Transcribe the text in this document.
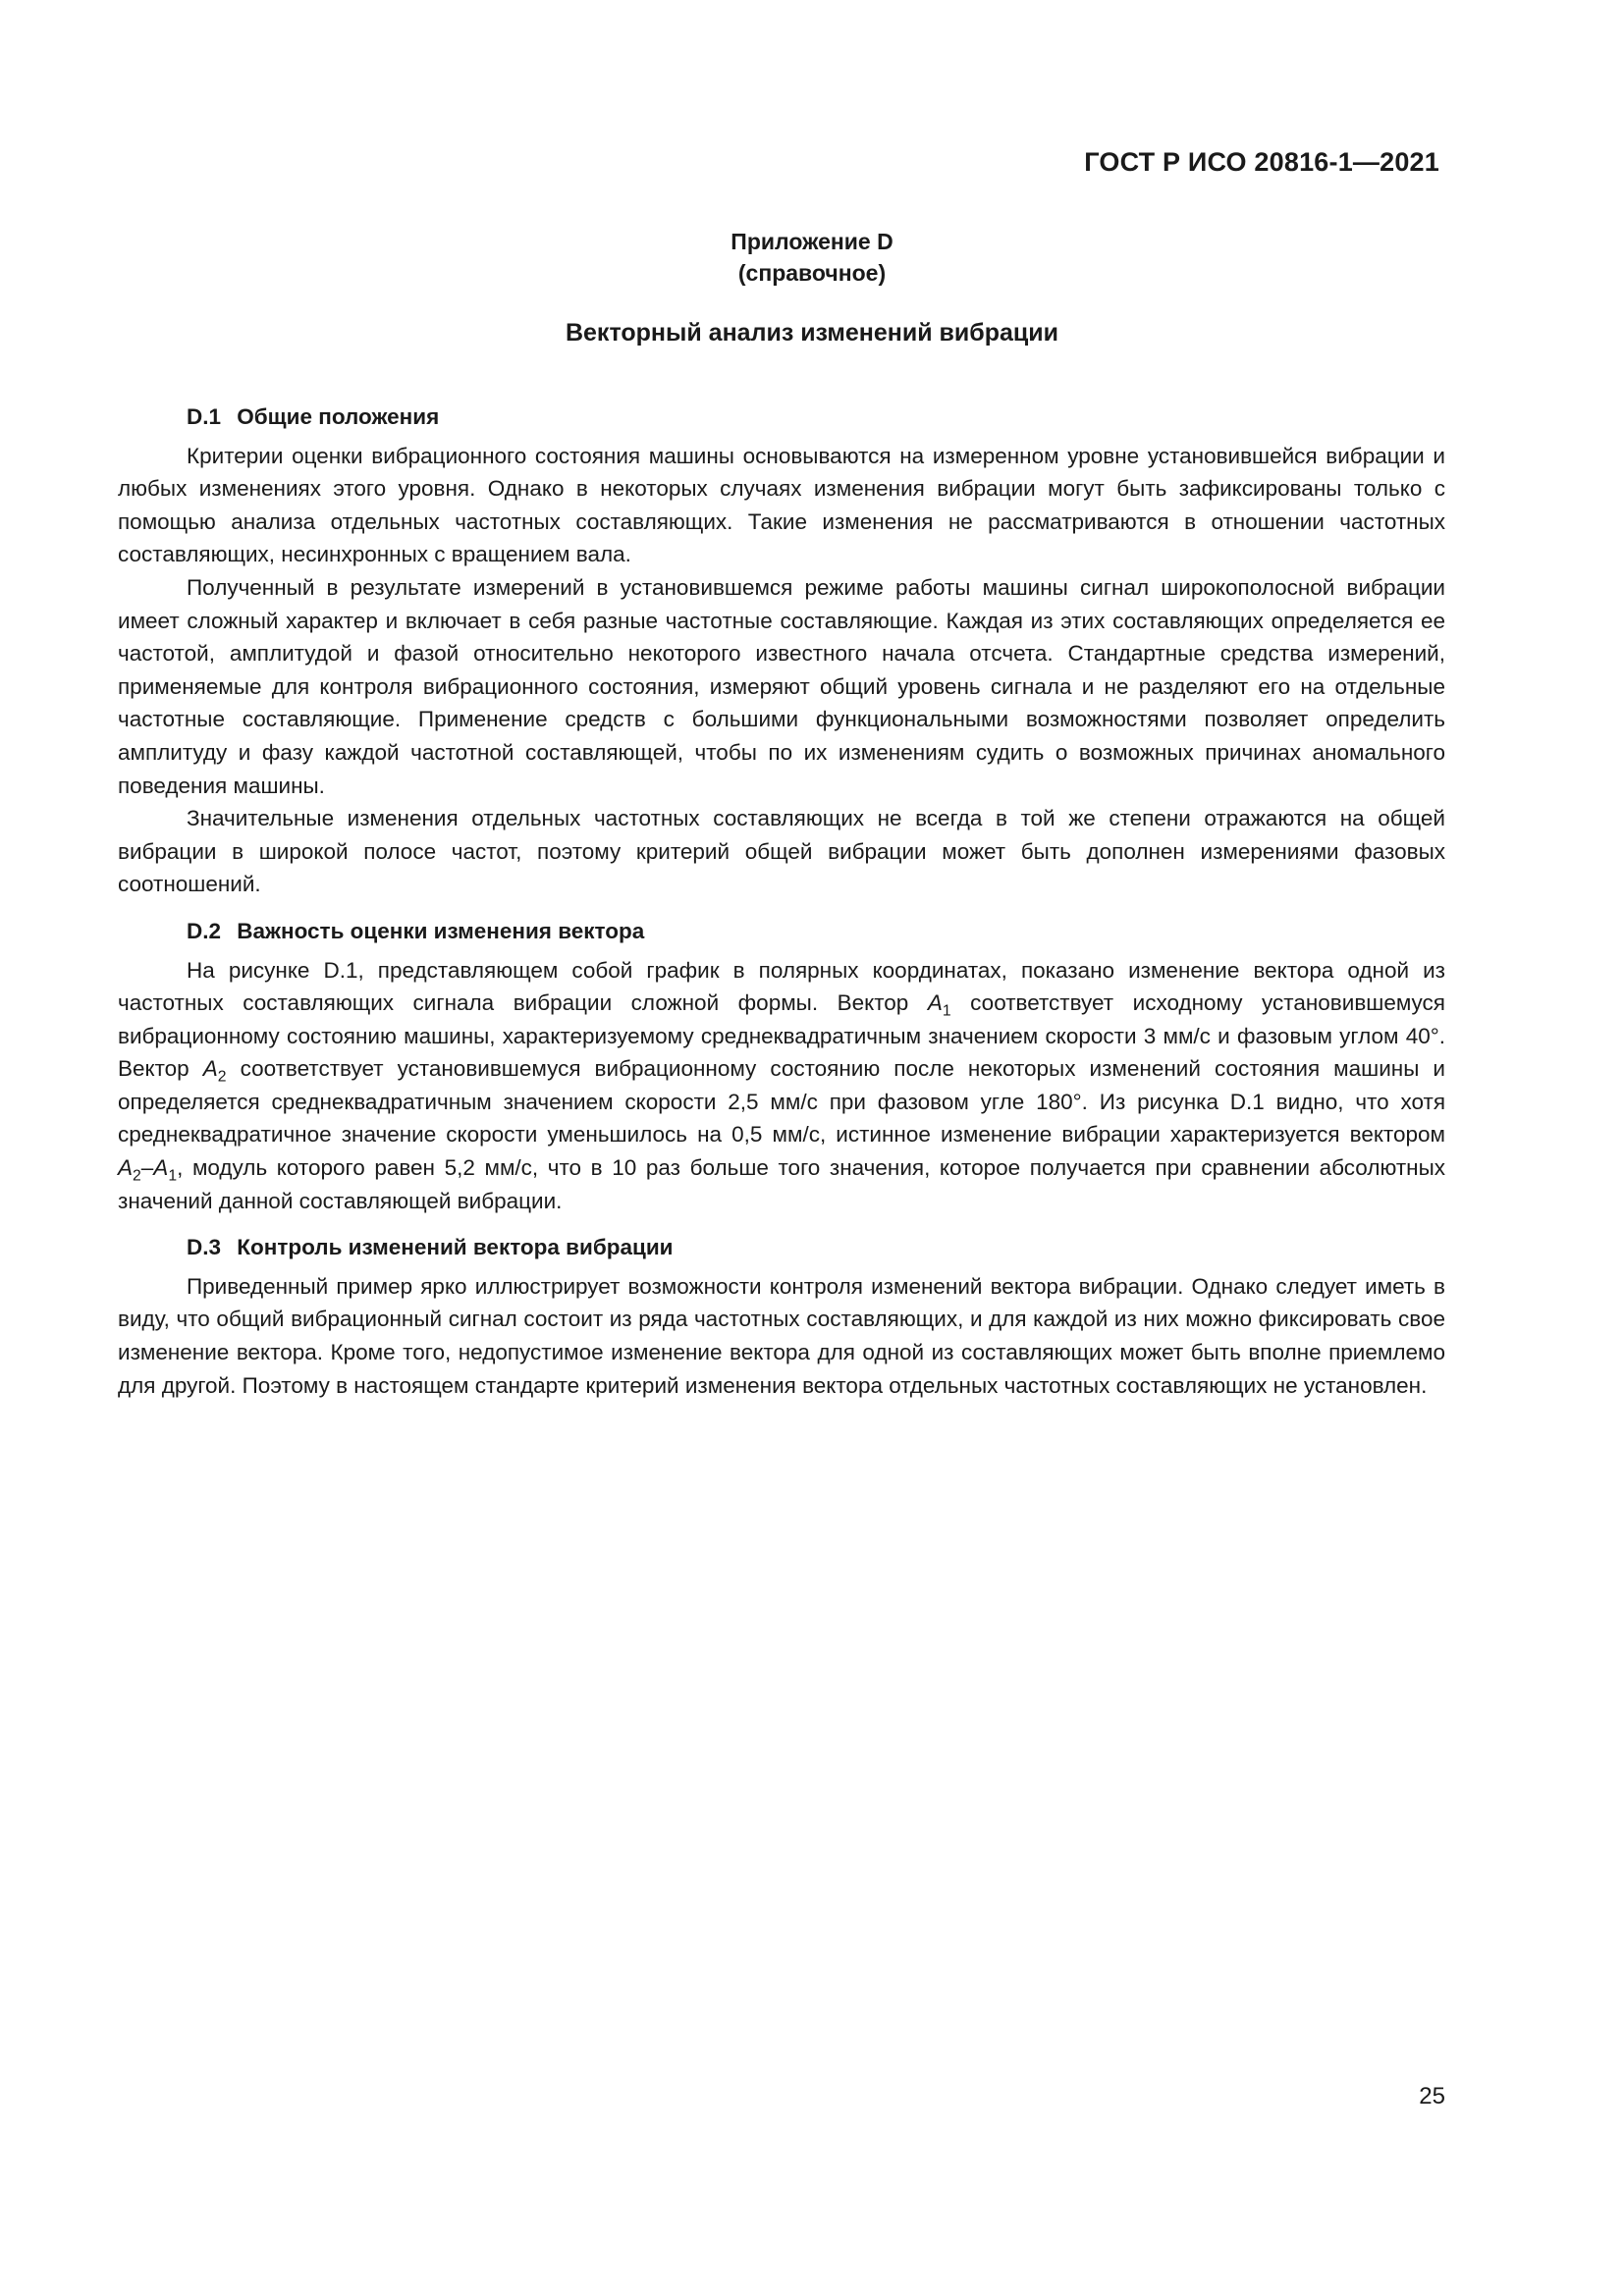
ГОСТ Р ИСО 20816-1—2021
Приложение D
(справочное)
Векторный анализ изменений вибрации
D.1 Общие положения

Критерии оценки вибрационного состояния машины основываются на измеренном уровне установившейся вибрации и любых изменениях этого уровня. Однако в некоторых случаях изменения вибрации могут быть зафиксированы только с помощью анализа отдельных частотных составляющих. Такие изменения не рассматриваются в отношении частотных составляющих, несинхронных с вращением вала.

Полученный в результате измерений в установившемся режиме работы машины сигнал широкополосной вибрации имеет сложный характер и включает в себя разные частотные составляющие. Каждая из этих составляющих определяется ее частотой, амплитудой и фазой относительно некоторого известного начала отсчета. Стандартные средства измерений, применяемые для контроля вибрационного состояния, измеряют общий уровень сигнала и не разделяют его на отдельные частотные составляющие. Применение средств с большими функциональными возможностями позволяет определить амплитуду и фазу каждой частотной составляющей, чтобы по их изменениям судить о возможных причинах аномального поведения машины.

Значительные изменения отдельных частотных составляющих не всегда в той же степени отражаются на общей вибрации в широкой полосе частот, поэтому критерий общей вибрации может быть дополнен измерениями фазовых соотношений.

D.2 Важность оценки изменения вектора

На рисунке D.1, представляющем собой график в полярных координатах, показано изменение вектора одной из частотных составляющих сигнала вибрации сложной формы. Вектор $A_1$ соответствует исходному установившемуся вибрационному состоянию машины, характеризуемому среднеквадратичным значением скорости 3 мм/с и фазовым углом 40°. Вектор $A_2$ соответствует установившемуся вибрационному состоянию после некоторых изменений состояния машины и определяется среднеквадратичным значением скорости 2,5 мм/с при фазовом угле 180°. Из рисунка D.1 видно, что хотя среднеквадратичное значение скорости уменьшилось на 0,5 мм/с, истинное изменение вибрации характеризуется вектором $A_2-A_1$, модуль которого равен 5,2 мм/с, что в 10 раз больше того значения, которое получается при сравнении абсолютных значений данной составляющей вибрации.

D.3 Контроль изменений вектора вибрации

Приведенный пример ярко иллюстрирует возможности контроля изменений вектора вибрации. Однако следует иметь в виду, что общий вибрационный сигнал состоит из ряда частотных составляющих, и для каждой из них можно фиксировать свое изменение вектора. Кроме того, недопустимое изменение вектора для одной из составляющих может быть вполне приемлемо для другой. Поэтому в настоящем стандарте критерий изменения вектора отдельных частотных составляющих не установлен.

25
